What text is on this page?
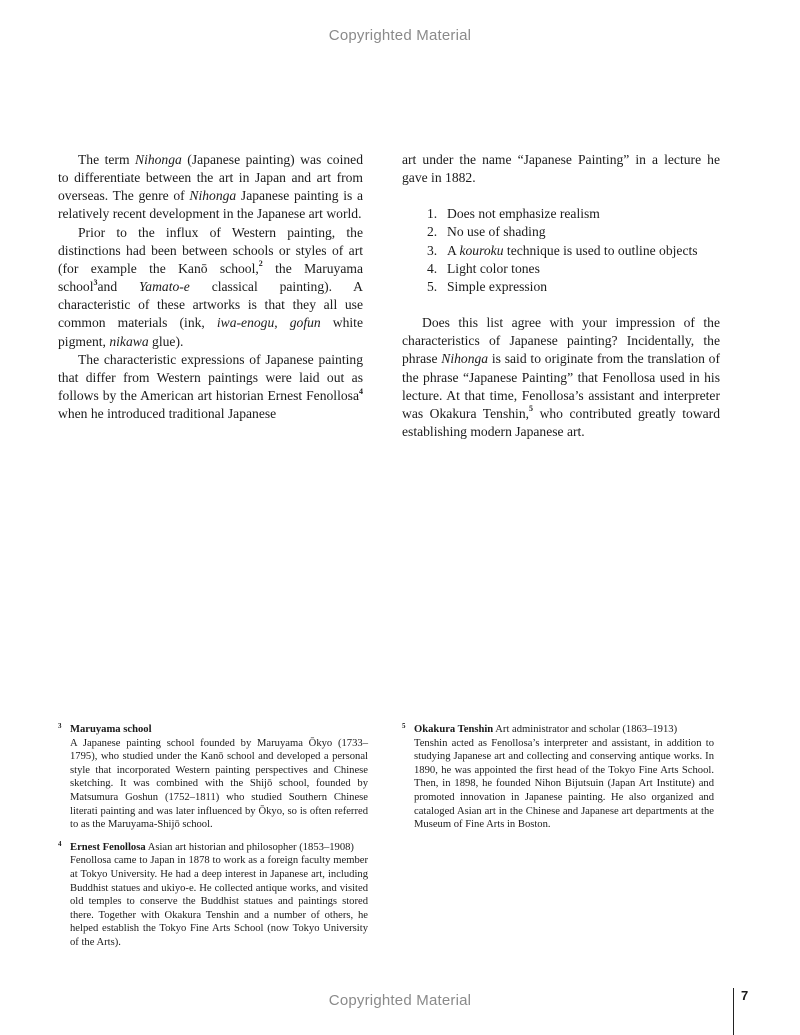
Copyrighted Material

The term Nihonga (Japanese painting) was coined to differentiate between the art in Japan and art from overseas. The genre of Nihonga Japanese painting is a relatively recent development in the Japanese art world.

Prior to the influx of Western painting, the distinctions had been between schools or styles of art (for example the Kanō school,$^2$ the Maruyama school$^3$and Yamato-e classical painting). A characteristic of these artworks is that they all use common materials (ink, iwa-enogu, gofun white pigment, nikawa glue).

The characteristic expressions of Japanese painting that differ from Western paintings were laid out as follows by the American art historian Ernest Fenollosa$^4$ when he introduced traditional Japanese

art under the name “Japanese Painting” in a lecture he gave in 1882.

1. Does not emphasize realism
2. No use of shading
3. A kouroku technique is used to outline objects
4. Light color tones
5. Simple expression

Does this list agree with your impression of the characteristics of Japanese painting? Incidentally, the phrase Nihonga is said to originate from the translation of the phrase “Japanese Painting” that Fenollosa used in his lecture. At that time, Fenollosa’s assistant and interpreter was Okakura Tenshin,$^5$ who contributed greatly toward establishing modern Japanese art.

3 Maruyama school

A Japanese painting school founded by Maruyama Ōkyo (1733–1795), who studied under the Kanō school and developed a personal style that incorporated Western painting perspectives and Chinese sketching. It was combined with the Shijō school, founded by Matsumura Goshun (1752–1811) who studied Southern Chinese literati painting and was later influenced by Ōkyo, so is often referred to as the Maruyama-Shijō school.

4 Ernest Fenollosa Asian art historian and philosopher (1853–1908)

Fenollosa came to Japan in 1878 to work as a foreign faculty member at Tokyo University. He had a deep interest in Japanese art, including Buddhist statues and ukiyo-e. He collected antique works, and visited old temples to conserve the Buddhist statues and paintings stored there. Together with Okakura Tenshin and a number of others, he helped establish the Tokyo Fine Arts School (now Tokyo University of the Arts).

5 Okakura Tenshin Art administrator and scholar (1863–1913)

Tenshin acted as Fenollosa’s interpreter and assistant, in addition to studying Japanese art and collecting and conserving antique works. In 1890, he was appointed the first head of the Tokyo Fine Arts School. Then, in 1898, he founded Nihon Bijutsuin (Japan Art Institute) and promoted innovation in Japanese painting. He also organized and cataloged Asian art in the Chinese and Japanese art departments at the Museum of Fine Arts in Boston.

Copyrighted Material	7
